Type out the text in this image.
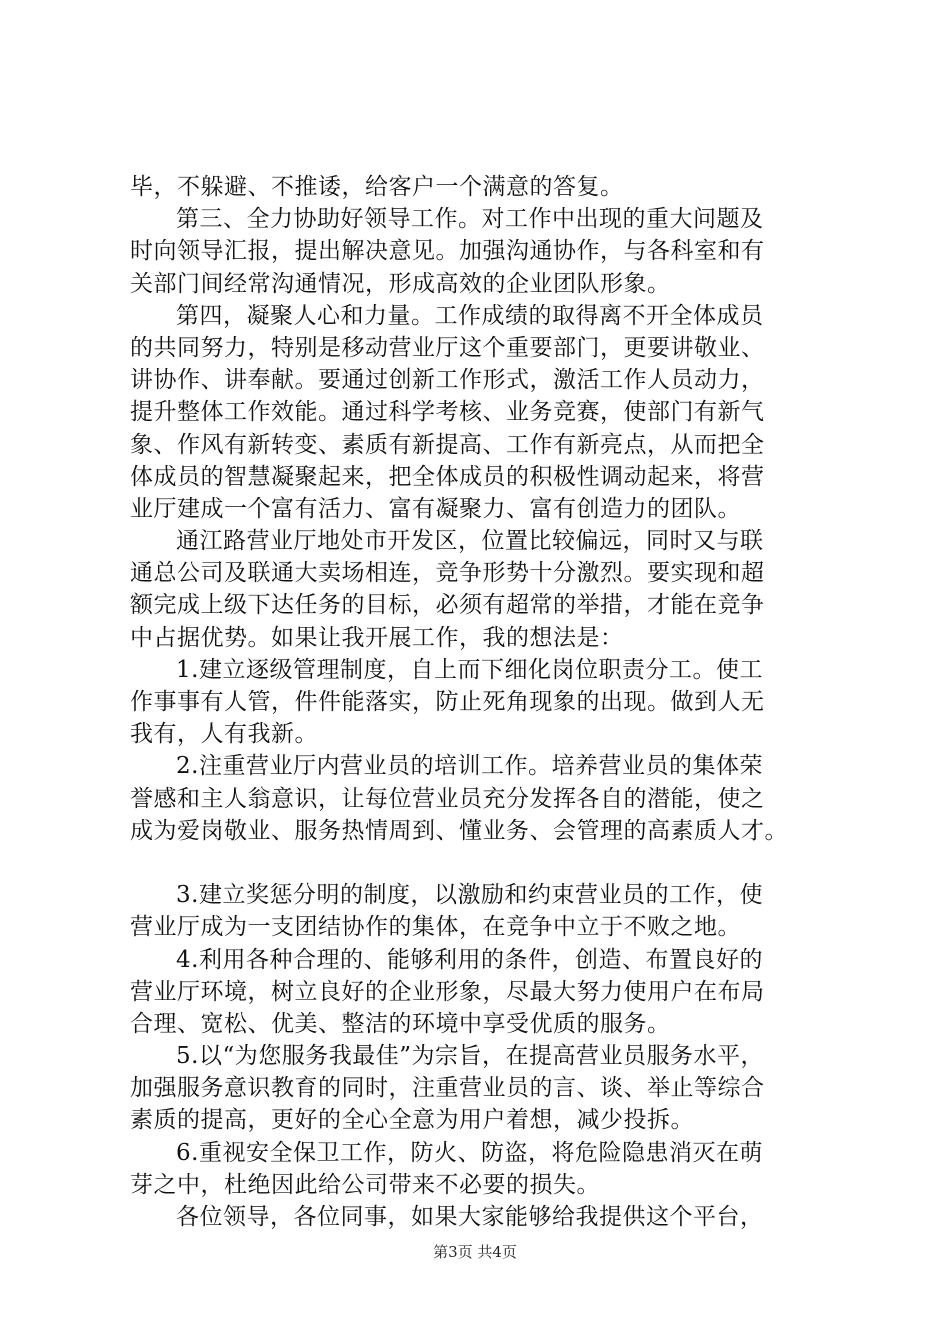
毕，不躲避、不推诿，给客户一个满意的答复。
第三、全力协助好领导工作。对工作中出现的重大问题及
时向领导汇报，提出解决意见。加强沟通协作，与各科室和有
关部门间经常沟通情况，形成高效的企业团队形象。
第四，凝聚人心和力量。工作成绩的取得离不开全体成员
的共同努力，特别是移动营业厅这个重要部门，更要讲敬业、
讲协作、讲奉献。要通过创新工作形式，激活工作人员动力，
提升整体工作效能。通过科学考核、业务竞赛，使部门有新气
象、作风有新转变、素质有新提高、工作有新亮点，从而把全
体成员的智慧凝聚起来，把全体成员的积极性调动起来，将营
业厅建成一个富有活力、富有凝聚力、富有创造力的团队。
通江路营业厅地处市开发区，位置比较偏远，同时又与联
通总公司及联通大卖场相连，竞争形势十分激烈。要实现和超
额完成上级下达任务的目标，必须有超常的举措，才能在竞争
中占据优势。如果让我开展工作，我的想法是：
1.建立逐级管理制度，自上而下细化岗位职责分工。使工
作事事有人管，件件能落实，防止死角现象的出现。做到人无
我有，人有我新。
2.注重营业厅内营业员的培训工作。培养营业员的集体荣
誉感和主人翁意识，让每位营业员充分发挥各自的潜能，使之
成为爱岗敬业、服务热情周到、懂业务、会管理的高素质人才。
3.建立奖惩分明的制度，以激励和约束营业员的工作，使
营业厅成为一支团结协作的集体，在竞争中立于不败之地。
4.利用各种合理的、能够利用的条件，创造、布置良好的
营业厅环境，树立良好的企业形象，尽最大努力使用户在布局
合理、宽松、优美、整洁的环境中享受优质的服务。
5.以“为您服务我最佳”为宗旨，在提高营业员服务水平，
加强服务意识教育的同时，注重营业员的言、谈、举止等综合
素质的提高，更好的全心全意为用户着想，减少投拆。
6.重视安全保卫工作，防火、防盗，将危险隐患消灭在萌
芽之中，杜绝因此给公司带来不必要的损失。
各位领导，各位同事，如果大家能够给我提供这个平台，
第3页 共4页
